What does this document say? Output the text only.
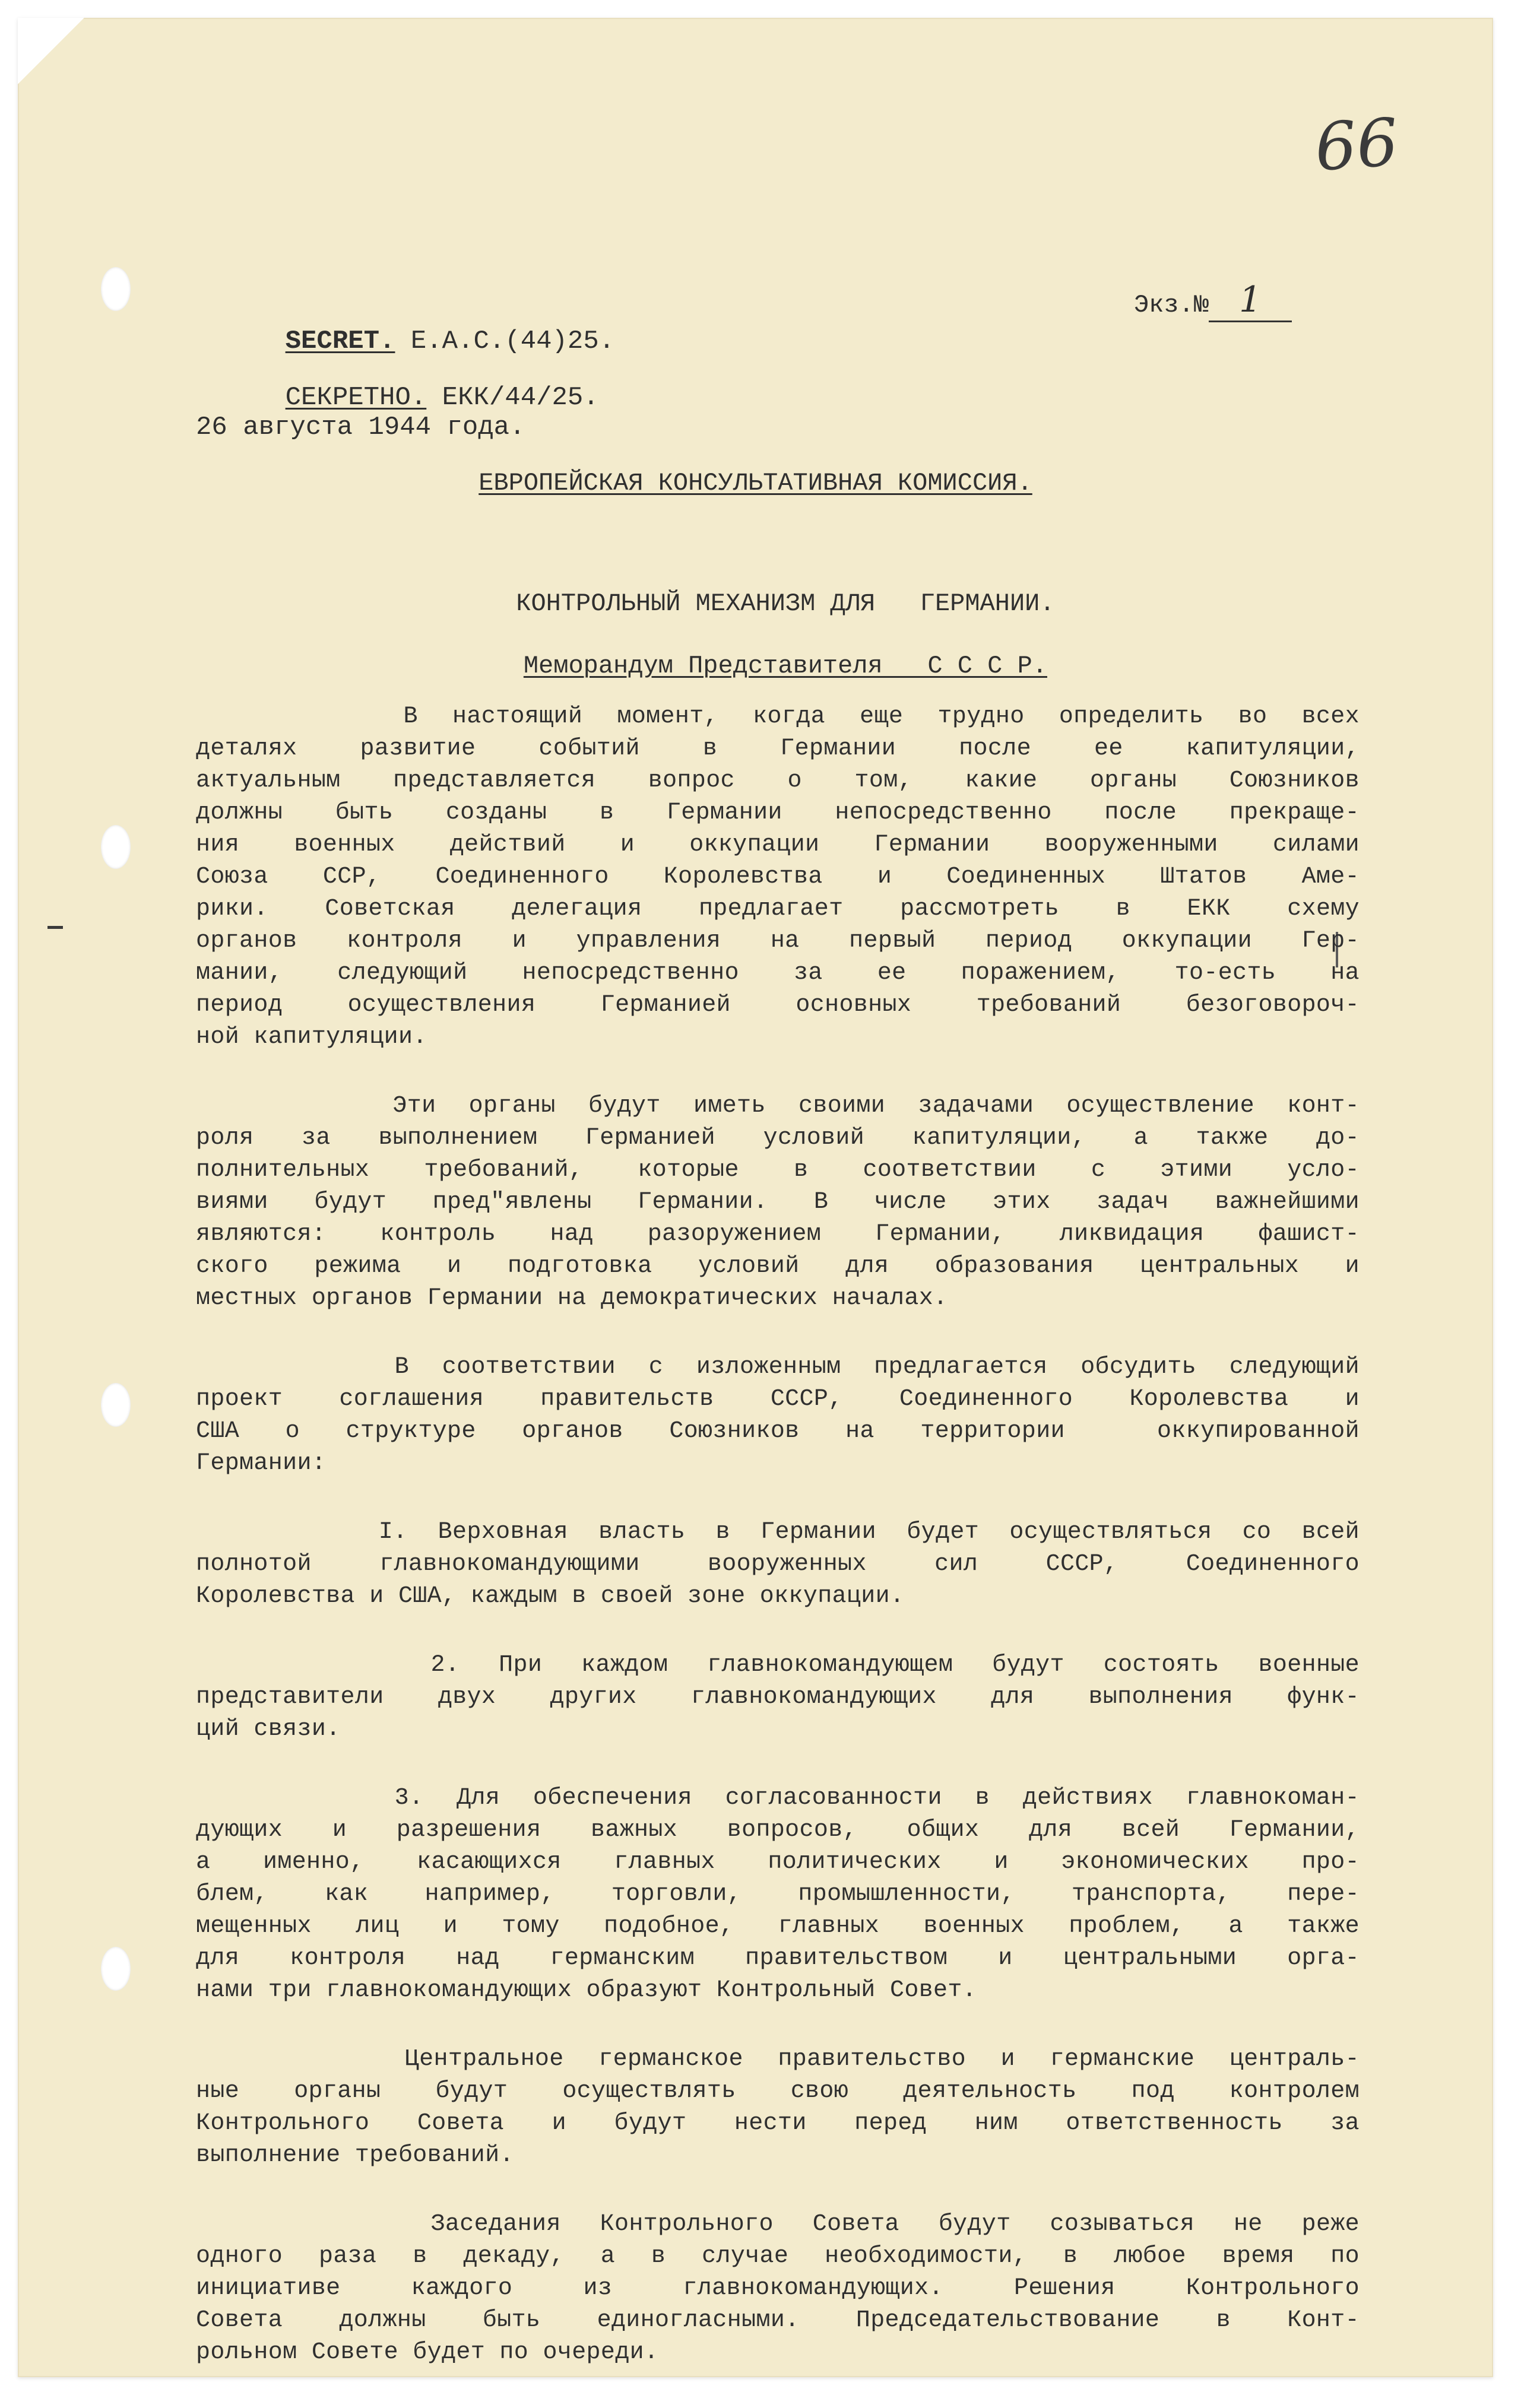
66
Экз.№ 1

SECRET. E.A.C.(44)25.

СЕКРЕТНО. ЕКК/44/25.

26 августа 1944 года.
ЕВРОПЕЙСКАЯ КОНСУЛЬТАТИВНАЯ КОМИССИЯ.

КОНТРОЛЬНЫЙ МЕХАНИЗМ ДЛЯ   ГЕРМАНИИ.

Меморандум Представителя   С С С Р.

В настоящий момент, когда еще трудно определить во всех
деталях развитие событий в Германии после ее капитуляции,
актуальным представляется вопрос о том, какие органы Союзников
должны быть созданы в Германии непосредственно после прекраще-
ния военных действий и оккупации Германии вооруженными силами
Союза ССР, Соединенного Королевства и Соединенных Штатов Аме-
рики. Советская делегация предлагает рассмотреть в ЕКК схему
органов контроля и управления на первый период оккупации Гер-
мании, следующий непосредственно за ее поражением, то-есть на
период осуществления Германией основных требований безоговороч-
ной капитуляции.
Эти органы будут иметь своими задачами осуществление конт-
роля за выполнением Германией условий капитуляции, а также до-
полнительных требований, которые в соответствии с этими усло-
виями будут пред"явлены Германии. В числе этих задач важнейшими
являются: контроль над разоружением Германии, ликвидация фашист-
ского режима и подготовка условий для образования центральных и
местных органов Германии на демократических началах.
В соответствии с изложенным предлагается обсудить следующий
проект соглашения правительств СССР, Соединенного Королевства и
США о структуре органов Союзников на территории  оккупированной
Германии:
I. Верховная власть в Германии будет осуществляться со всей
полнотой главнокомандующими вооруженных сил СССР, Соединенного
Королевства и США, каждым в своей зоне оккупации.
2. При каждом главнокомандующем будут состоять военные
представители двух других главнокомандующих для выполнения функ-
ций связи.
3. Для обеспечения согласованности в действиях главнокоман-
дующих и разрешения важных вопросов, общих для всей Германии,
а именно, касающихся главных политических и экономических про-
блем, как например, торговли, промышленности, транспорта, пере-
мещенных лиц и тому подобное, главных военных проблем, а также
для контроля над германским правительством и центральными орга-
нами три главнокомандующих образуют Контрольный Совет.
Центральное германское правительство и германские централь-
ные органы будут осуществлять свою деятельность под контролем
Контрольного Совета и будут нести перед ним ответственность за
выполнение требований.
Заседания Контрольного Совета будут созываться не реже
одного раза в декаду, а в случае необходимости, в любое время по
инициативе каждого из главнокомандующих. Решения Контрольного
Совета должны быть единогласными. Председательствование в Конт-
рольном Совете будет по очереди.
